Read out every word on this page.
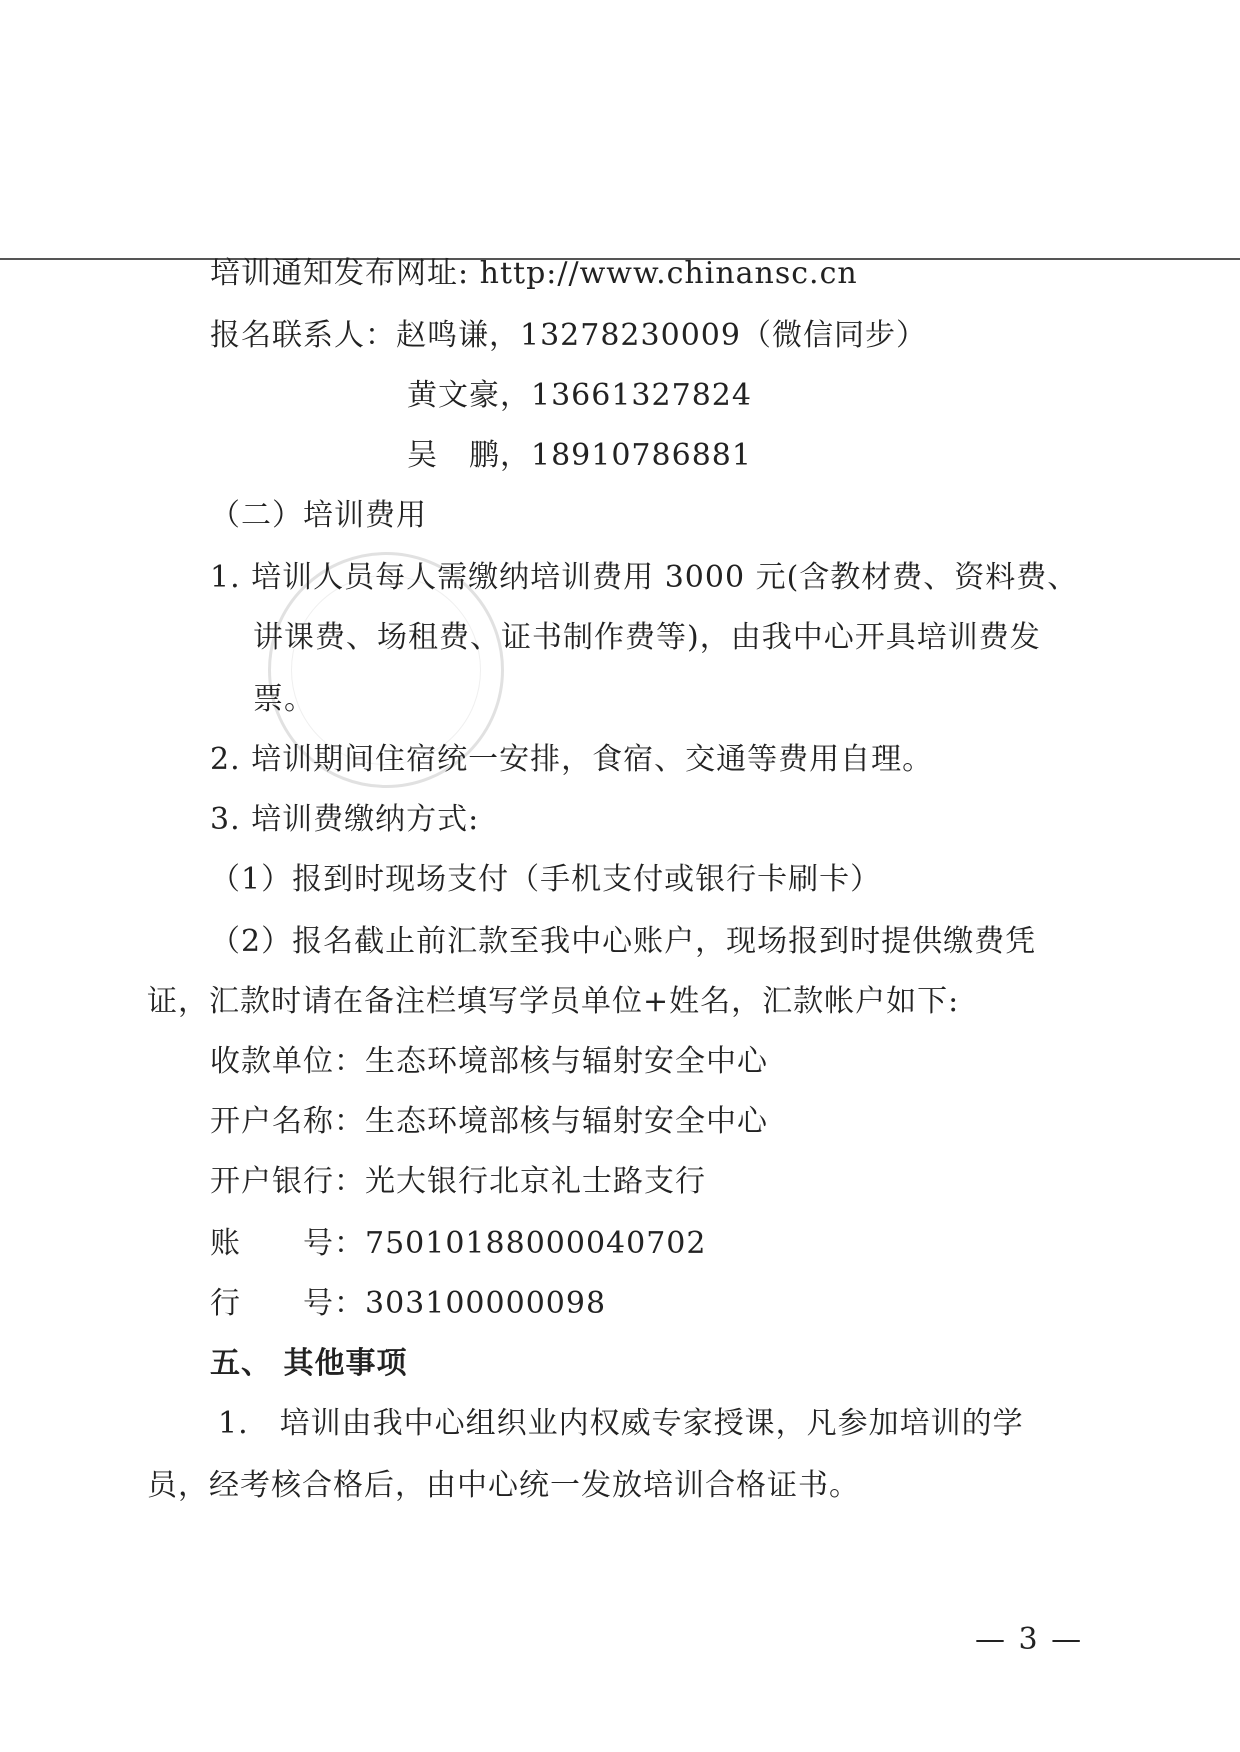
培训通知发布网址: http://www.chinansc.cn
报名联系人：赵鸣谦，13278230009（微信同步）
黄文豪，13661327824
吴　鹏，18910786881
（二）培训费用
1. 培训人员每人需缴纳培训费用 3000 元(含教材费、资料费、
讲课费、场租费、证书制作费等)，由我中心开具培训费发
票。
2. 培训期间住宿统一安排，食宿、交通等费用自理。
3. 培训费缴纳方式:
（1）报到时现场支付（手机支付或银行卡刷卡）
（2）报名截止前汇款至我中心账户，现场报到时提供缴费凭
证，汇款时请在备注栏填写学员单位+姓名，汇款帐户如下:
收款单位：生态环境部核与辐射安全中心
开户名称：生态环境部核与辐射安全中心
开户银行：光大银行北京礼士路支行
账　　号：75010188000040702
行　　号：303100000098
五、 其他事项
1.　培训由我中心组织业内权威专家授课，凡参加培训的学
员，经考核合格后，由中心统一发放培训合格证书。
— 3 —
